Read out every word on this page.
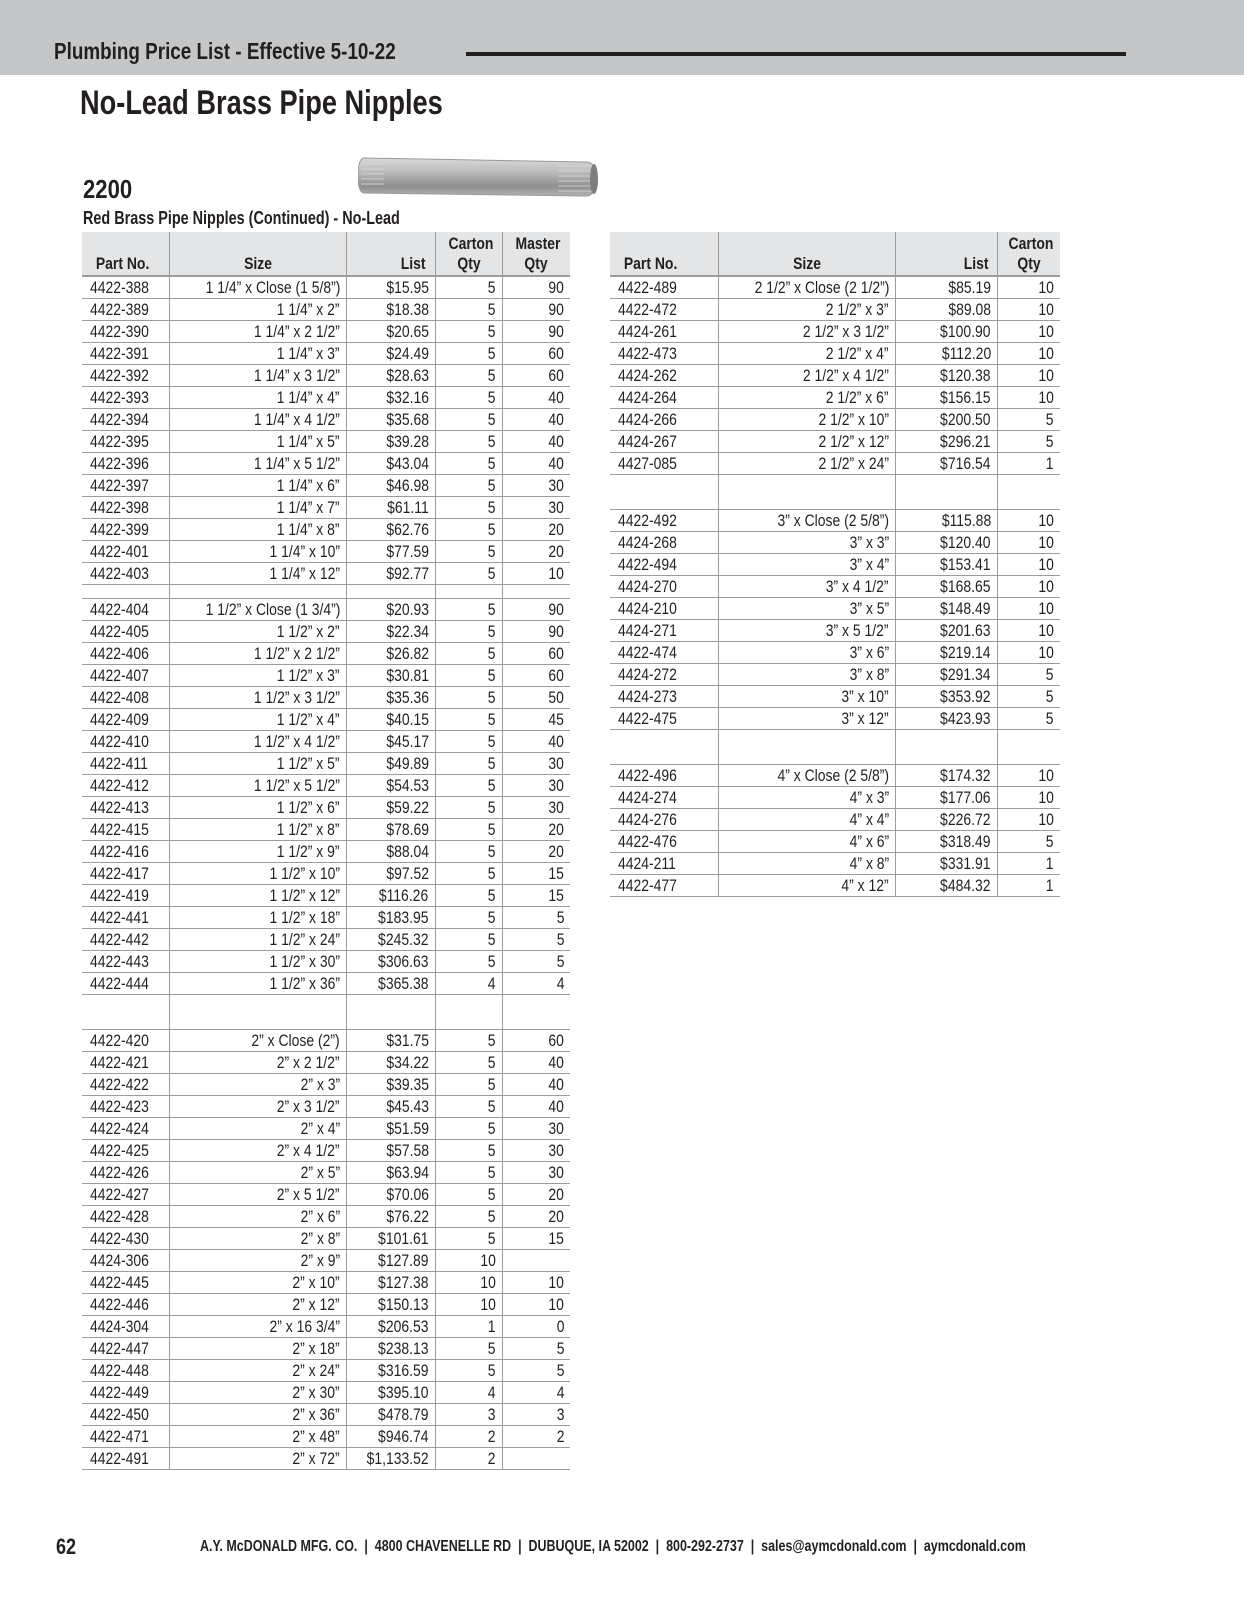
Plumbing Price List - Effective 5-10-22
No-Lead Brass Pipe Nipples
2200
Red Brass Pipe Nipples (Continued) - No-Lead
Part No.	Size	List	Carton Qty	Master Qty
4422-388	1 1/4” x Close (1 5/8”)	$15.95	5	90
4422-389	1 1/4” x 2”	$18.38	5	90
4422-390	1 1/4” x 2 1/2”	$20.65	5	90
4422-391	1 1/4” x 3”	$24.49	5	60
4422-392	1 1/4” x 3 1/2”	$28.63	5	60
4422-393	1 1/4” x 4”	$32.16	5	40
4422-394	1 1/4” x 4 1/2”	$35.68	5	40
4422-395	1 1/4” x 5”	$39.28	5	40
4422-396	1 1/4” x 5 1/2”	$43.04	5	40
4422-397	1 1/4” x 6”	$46.98	5	30
4422-398	1 1/4” x 7”	$61.11	5	30
4422-399	1 1/4” x 8”	$62.76	5	20
4422-401	1 1/4” x 10”	$77.59	5	20
4422-403	1 1/4” x 12”	$92.77	5	10

4422-404	1 1/2” x Close (1 3/4”)	$20.93	5	90
4422-405	1 1/2” x 2”	$22.34	5	90
4422-406	1 1/2” x 2 1/2”	$26.82	5	60
4422-407	1 1/2” x 3”	$30.81	5	60
4422-408	1 1/2” x 3 1/2”	$35.36	5	50
4422-409	1 1/2” x 4”	$40.15	5	45
4422-410	1 1/2” x 4 1/2”	$45.17	5	40
4422-411	1 1/2” x 5”	$49.89	5	30
4422-412	1 1/2” x 5 1/2”	$54.53	5	30
4422-413	1 1/2” x 6”	$59.22	5	30
4422-415	1 1/2” x 8”	$78.69	5	20
4422-416	1 1/2” x 9”	$88.04	5	20
4422-417	1 1/2” x 10”	$97.52	5	15
4422-419	1 1/2” x 12”	$116.26	5	15
4422-441	1 1/2” x 18”	$183.95	5	5
4422-442	1 1/2” x 24”	$245.32	5	5
4422-443	1 1/2” x 30”	$306.63	5	5
4422-444	1 1/2” x 36”	$365.38	4	4

4422-420	2” x Close (2”)	$31.75	5	60
4422-421	2” x 2 1/2”	$34.22	5	40
4422-422	2” x 3”	$39.35	5	40
4422-423	2” x 3 1/2”	$45.43	5	40
4422-424	2” x 4”	$51.59	5	30
4422-425	2” x 4 1/2”	$57.58	5	30
4422-426	2” x 5”	$63.94	5	30
4422-427	2” x 5 1/2”	$70.06	5	20
4422-428	2” x 6”	$76.22	5	20
4422-430	2” x 8”	$101.61	5	15
4424-306	2” x 9”	$127.89	10	
4422-445	2” x 10”	$127.38	10	10
4422-446	2” x 12”	$150.13	10	10
4424-304	2” x 16 3/4”	$206.53	1	0
4422-447	2” x 18”	$238.13	5	5
4422-448	2” x 24”	$316.59	5	5
4422-449	2” x 30”	$395.10	4	4
4422-450	2” x 36”	$478.79	3	3
4422-471	2” x 48”	$946.74	2	2
4422-491	2” x 72”	$1,133.52	2	
Part No.	Size	List	Carton Qty
4422-489	2 1/2” x Close (2 1/2”)	$85.19	10
4422-472	2 1/2” x 3”	$89.08	10
4424-261	2 1/2” x 3 1/2”	$100.90	10
4422-473	2 1/2” x 4”	$112.20	10
4424-262	2 1/2” x 4 1/2”	$120.38	10
4424-264	2 1/2” x 6”	$156.15	10
4424-266	2 1/2” x 10”	$200.50	5
4424-267	2 1/2” x 12”	$296.21	5
4427-085	2 1/2” x 24”	$716.54	1

4422-492	3” x Close (2 5/8”)	$115.88	10
4424-268	3” x 3”	$120.40	10
4422-494	3” x 4”	$153.41	10
4424-270	3” x 4 1/2”	$168.65	10
4424-210	3” x 5”	$148.49	10
4424-271	3” x 5 1/2”	$201.63	10
4422-474	3” x 6”	$219.14	10
4424-272	3” x 8”	$291.34	5
4424-273	3” x 10”	$353.92	5
4422-475	3” x 12”	$423.93	5

4422-496	4” x Close (2 5/8”)	$174.32	10
4424-274	4” x 3”	$177.06	10
4424-276	4” x 4”	$226.72	10
4422-476	4” x 6”	$318.49	5
4424-211	4” x 8”	$331.91	1
4422-477	4” x 12”	$484.32	1
62	A.Y. McDONALD MFG. CO.  |  4800 CHAVENELLE RD  |  DUBUQUE, IA 52002  |  800-292-2737  |  sales@aymcdonald.com  |  aymcdonald.com
